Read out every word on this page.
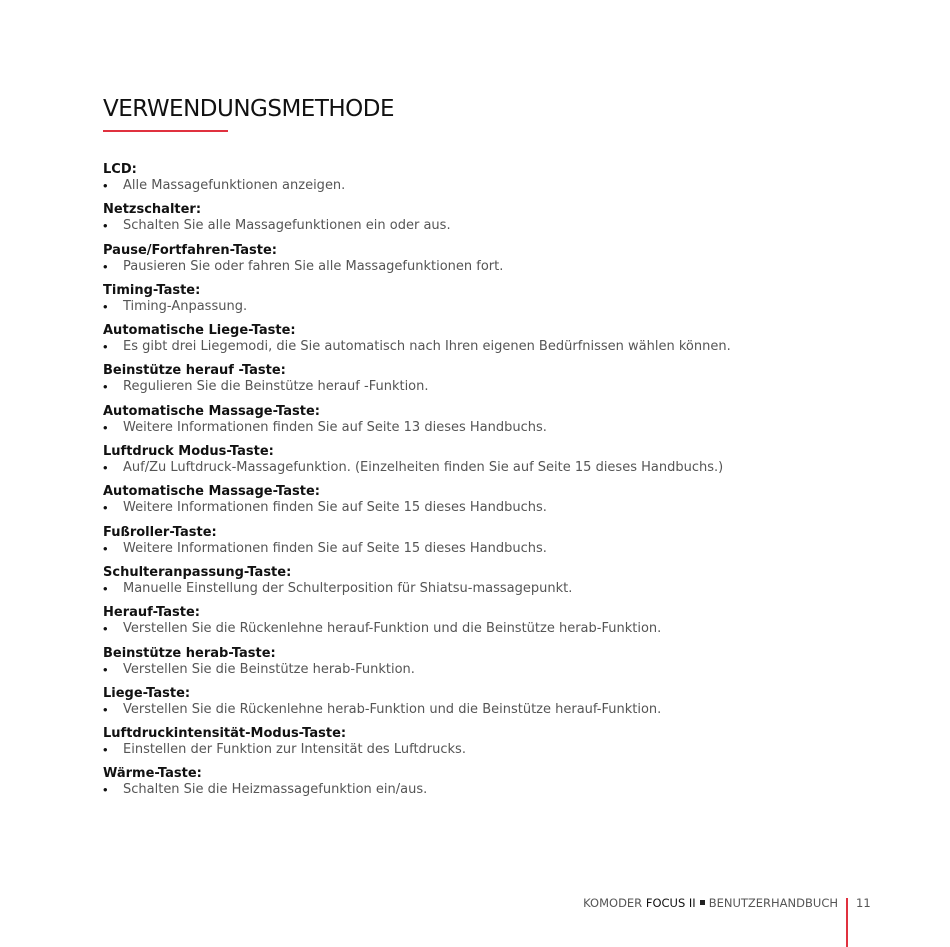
VERWENDUNGSMETHODE
LCD:
•	Alle Massagefunktionen anzeigen.
Netzschalter:
•	Schalten Sie alle Massagefunktionen ein oder aus.
Pause/Fortfahren-Taste:
•	Pausieren Sie oder fahren Sie alle Massagefunktionen fort.
Timing-Taste:
•	Timing-Anpassung.
Automatische Liege-Taste:
•	Es gibt drei Liegemodi, die Sie automatisch nach Ihren eigenen Bedürfnissen wählen können.
Beinstütze herauf -Taste:
•	Regulieren Sie die Beinstütze herauf -Funktion.
Automatische Massage-Taste:
•	Weitere Informationen finden Sie auf Seite 13 dieses Handbuchs.
Luftdruck Modus-Taste:
•	Auf/Zu Luftdruck-Massagefunktion. (Einzelheiten finden Sie auf Seite 15 dieses Handbuchs.)
Automatische Massage-Taste:
•	Weitere Informationen finden Sie auf Seite 15 dieses Handbuchs.
Fußroller-Taste:
•	Weitere Informationen finden Sie auf Seite 15 dieses Handbuchs.
Schulteranpassung-Taste:
•	Manuelle Einstellung der Schulterposition für Shiatsu-massagepunkt.
Herauf-Taste:
•	Verstellen Sie die Rückenlehne herauf-Funktion und die Beinstütze herab-Funktion.
Beinstütze herab-Taste:
•	Verstellen Sie die Beinstütze herab-Funktion.
Liege-Taste:
•	Verstellen Sie die Rückenlehne herab-Funktion und die Beinstütze herauf-Funktion.
Luftdruckintensität-Modus-Taste:
•	Einstellen der Funktion zur Intensität des Luftdrucks.
Wärme-Taste:
•	Schalten Sie die Heizmassagefunktion ein/aus.
KOMODER FOCUS II BENUTZERHANDBUCH 11
